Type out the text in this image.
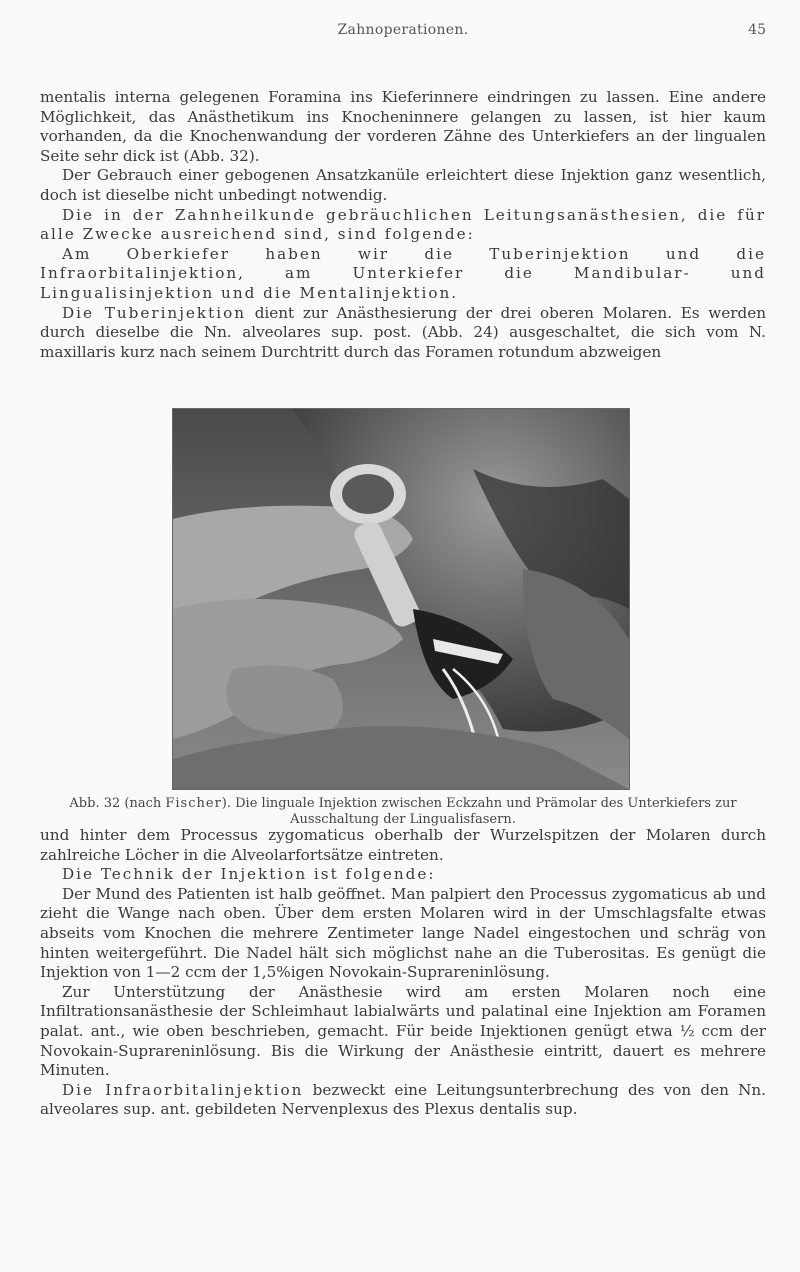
Zahnoperationen.	45

mentalis interna gelegenen Foramina ins Kieferinnere eindringen zu lassen. Eine andere Möglichkeit, das Anästhetikum ins Knocheninnere gelangen zu lassen, ist hier kaum vorhanden, da die Knochenwandung der vorderen Zähne des Unterkiefers an der lingualen Seite sehr dick ist (Abb. 32).

Der Gebrauch einer gebogenen Ansatzkanüle erleichtert diese Injektion ganz wesentlich, doch ist dieselbe nicht unbedingt notwendig.

Die in der Zahnheilkunde gebräuchlichen Leitungsanästhesien, die für alle Zwecke ausreichend sind, sind folgende:

Am Oberkiefer haben wir die Tuberinjektion und die Infraorbitalinjektion, am Unterkiefer die Mandibular- und Lingualisinjektion und die Mentalinjektion.

Die Tuberinjektion dient zur Anästhesierung der drei oberen Molaren. Es werden durch dieselbe die Nn. alveolares sup. post. (Abb. 24) ausgeschaltet, die sich vom N. maxillaris kurz nach seinem Durchtritt durch das Foramen rotundum abzweigen

Abb. 32 (nach Fischer). Die linguale Injektion zwischen Eckzahn und Prämolar des Unterkiefers zur Ausschaltung der Lingualisfasern.

und hinter dem Processus zygomaticus oberhalb der Wurzelspitzen der Molaren durch zahlreiche Löcher in die Alveolarfortsätze eintreten.

Die Technik der Injektion ist folgende:

Der Mund des Patienten ist halb geöffnet. Man palpiert den Processus zygomaticus ab und zieht die Wange nach oben. Über dem ersten Molaren wird in der Umschlagsfalte etwas abseits vom Knochen die mehrere Zentimeter lange Nadel eingestochen und schräg von hinten weitergeführt. Die Nadel hält sich möglichst nahe an die Tuberositas. Es genügt die Injektion von 1—2 ccm der 1,5%igen Novokain-Suprareninlösung.

Zur Unterstützung der Anästhesie wird am ersten Molaren noch eine Infiltrationsanästhesie der Schleimhaut labialwärts und palatinal eine Injektion am Foramen palat. ant., wie oben beschrieben, gemacht. Für beide Injektionen genügt etwa ½ ccm der Novokain-Suprareninlösung. Bis die Wirkung der Anästhesie eintritt, dauert es mehrere Minuten.

Die Infraorbitalinjektion bezweckt eine Leitungsunterbrechung des von den Nn. alveolares sup. ant. gebildeten Nervenplexus des Plexus dentalis sup.
